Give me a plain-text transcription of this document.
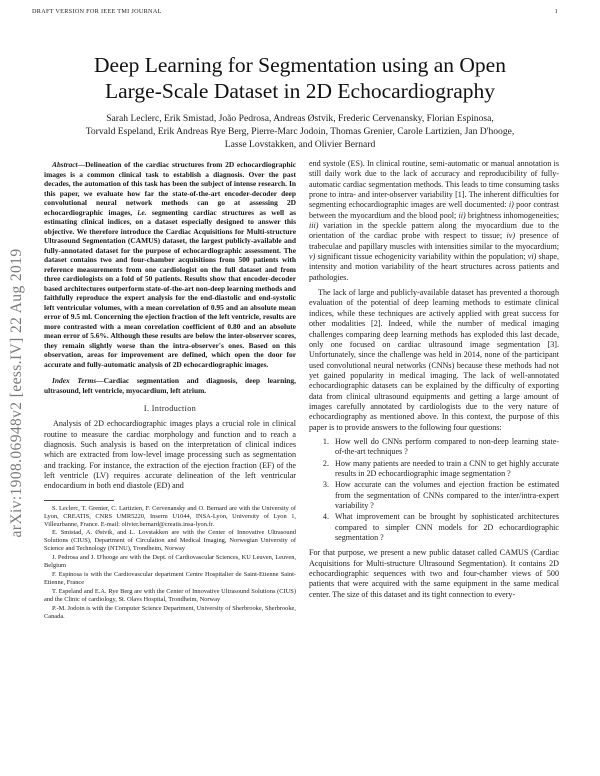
DRAFT VERSION FOR IEEE TMI JOURNAL	1
arXiv:1908.06948v2 [eess.IV] 22 Aug 2019
Deep Learning for Segmentation using an Open
Large-Scale Dataset in 2D Echocardiography
Sarah Leclerc, Erik Smistad, João Pedrosa, Andreas Østvik, Frederic Cervenansky, Florian Espinosa,
Torvald Espeland, Erik Andreas Rye Berg, Pierre-Marc Jodoin, Thomas Grenier, Carole Lartizien, Jan D'hooge,
Lasse Lovstakken, and Olivier Bernard

Abstract—Delineation of the cardiac structures from 2D echocardiographic images is a common clinical task to establish a diagnosis. Over the past decades, the automation of this task has been the subject of intense research. In this paper, we evaluate how far the state-of-the-art encoder-decoder deep convolutional neural network methods can go at assessing 2D echocardiographic images, i.e. segmenting cardiac structures as well as estimating clinical indices, on a dataset especially designed to answer this objective. We therefore introduce the Cardiac Acquisitions for Multi-structure Ultrasound Segmentation (CAMUS) dataset, the largest publicly-available and fully-annotated dataset for the purpose of echocardiographic assessment. The dataset contains two and four-chamber acquisitions from 500 patients with reference measurements from one cardiologist on the full dataset and from three cardiologists on a fold of 50 patients. Results show that encoder-decoder based architectures outperform state-of-the-art non-deep learning methods and faithfully reproduce the expert analysis for the end-diastolic and end-systolic left ventricular volumes, with a mean correlation of 0.95 and an absolute mean error of 9.5 ml. Concerning the ejection fraction of the left ventricle, results are more contrasted with a mean correlation coefficient of 0.80 and an absolute mean error of 5.6%. Although these results are below the inter-observer scores, they remain slightly worse than the intra-observer's ones. Based on this observation, areas for improvement are defined, which open the door for accurate and fully-automatic analysis of 2D echocardiographic images.

Index Terms—Cardiac segmentation and diagnosis, deep learning, ultrasound, left ventricle, myocardium, left atrium.

I. Introduction

Analysis of 2D echocardiographic images plays a crucial role in clinical routine to measure the cardiac morphology and function and to reach a diagnosis. Such analysis is based on the interpretation of clinical indices which are extracted from low-level image processing such as segmentation and tracking. For instance, the extraction of the ejection fraction (EF) of the left ventricle (LV) requires accurate delineation of the left ventricular endocardium in both end diastole (ED) and

S. Leclerc, T. Grenier, C. Lartizien, F. Cervenansky and O. Bernard are with the University of Lyon, CREATIS, CNRS UMR5220, Inserm U1044, INSA-Lyon, University of Lyon 1, Villeurbanne, France. E-mail: olivier.bernard@creatis.insa-lyon.fr.

E. Smistad, A. Østvik, and L. Lovstakken are with the Center of Innovative Ultrasound Solutions (CIUS), Department of Circulation and Medical Imaging, Norwegian University of Science and Technology (NTNU), Trondheim, Norway

J. Pedrosa and J. D'hooge are with the Dept. of Cardiovascular Sciences, KU Leuven, Leuven, Belgium

F. Espinosa is with the Cardiovascular department Centre Hospitalier de Saint-Etienne Saint-Etienne, France

T. Espeland and E.A. Rye Berg are with the Center of Innovative Ultrasound Solutions (CIUS) and the Clinic of cardiology, St. Olavs Hospital, Trondheim, Norway

P.-M. Jodoin is with the Computer Science Department, University of Sherbrooke, Sherbrooke, Canada.

end systole (ES). In clinical routine, semi-automatic or manual annotation is still daily work due to the lack of accuracy and reproducibility of fully-automatic cardiac segmentation methods. This leads to time consuming tasks prone to intra- and inter-observer variability [1]. The inherent difficulties for segmenting echocardiographic images are well documented: i) poor contrast between the myocardium and the blood pool; ii) brightness inhomogeneities; iii) variation in the speckle pattern along the myocardium due to the orientation of the cardiac probe with respect to tissue; iv) presence of trabeculae and papillary muscles with intensities similar to the myocardium; v) significant tissue echogenicity variability within the population; vi) shape, intensity and motion variability of the heart structures across patients and pathologies.

The lack of large and publicly-available dataset has prevented a thorough evaluation of the potential of deep learning methods to estimate clinical indices, while these techniques are actively applied with great success for other modalities [2]. Indeed, while the number of medical imaging challenges comparing deep learning methods has exploded this last decade, only one focused on cardiac ultrasound image segmentation [3]. Unfortunately, since the challenge was held in 2014, none of the participant used convolutional neural networks (CNNs) because these methods had not yet gained popularity in medical imaging. The lack of well-annotated echocardiographic datasets can be explained by the difficulty of exporting data from clinical ultrasound equipments and getting a large amount of images carefully annotated by cardiologists due to the very nature of echocardiography as mentioned above. In this context, the purpose of this paper is to provide answers to the following four questions:

1. How well do CNNs perform compared to non-deep learning state-of-the-art techniques ?
2. How many patients are needed to train a CNN to get highly accurate results in 2D echocardiographic image segmentation ?
3. How accurate can the volumes and ejection fraction be estimated from the segmentation of CNNs compared to the inter/intra-expert variability ?
4. What improvement can be brought by sophisticated architectures compared to simpler CNN models for 2D echocardiographic segmentation ?

For that purpose, we present a new public dataset called CAMUS (Cardiac Acquisitions for Multi-structure Ultrasound Segmentation). It contains 2D echocardiographic sequences with two and four-chamber views of 500 patients that were acquired with the same equipment in the same medical center. The size of this dataset and its tight connection to every-
